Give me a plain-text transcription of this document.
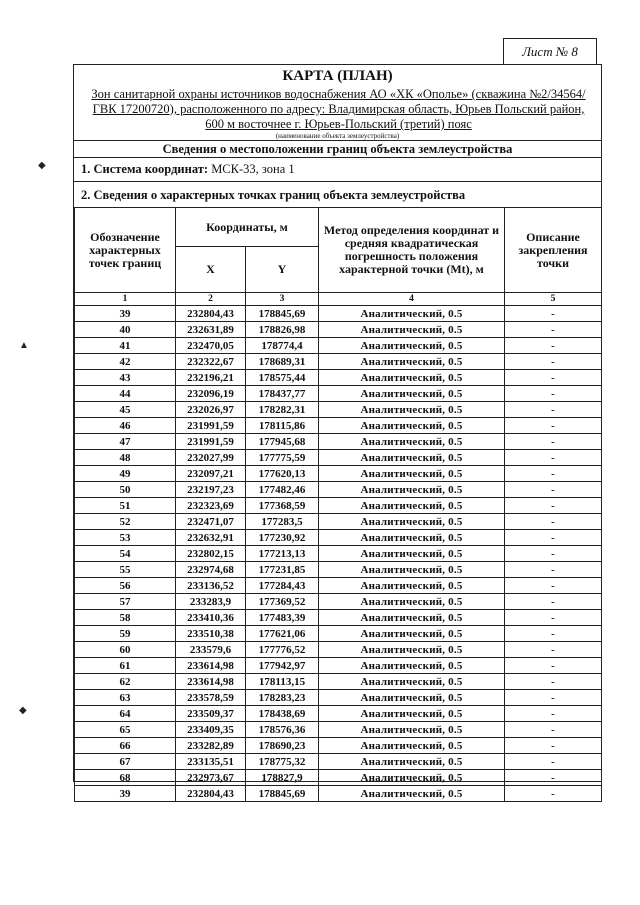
Лист № 8
КАРТА (ПЛАН)
Зон санитарной охраны источников водоснабжения АО «ХК «Ополье» (скважина №2/34564/ГВК 17200720), расположенного по адресу: Владимирская область, Юрьев Польский район, 600 м восточнее г. Юрьев-Польский (третий) пояс
(наименование объекта землеустройства)
Сведения о местоположении границ объекта землеустройства
1. Система координат: МСК-33, зона 1
2. Сведения о характерных точках границ объекта землеустройства
Обозначение характерных точек границ	Координаты, м		Метод определения координат и средняя квадратическая погрешность положения характерной точки (Mt), м	Описание закрепления точки
	X	Y		
1	2	3	4	5
39	232804,43	178845,69	Аналитический, 0.5	-
40	232631,89	178826,98	Аналитический, 0.5	-
41	232470,05	178774,4	Аналитический, 0.5	-
42	232322,67	178689,31	Аналитический, 0.5	-
43	232196,21	178575,44	Аналитический, 0.5	-
44	232096,19	178437,77	Аналитический, 0.5	-
45	232026,97	178282,31	Аналитический, 0.5	-
46	231991,59	178115,86	Аналитический, 0.5	-
47	231991,59	177945,68	Аналитический, 0.5	-
48	232027,99	177775,59	Аналитический, 0.5	-
49	232097,21	177620,13	Аналитический, 0.5	-
50	232197,23	177482,46	Аналитический, 0.5	-
51	232323,69	177368,59	Аналитический, 0.5	-
52	232471,07	177283,5	Аналитический, 0.5	-
53	232632,91	177230,92	Аналитический, 0.5	-
54	232802,15	177213,13	Аналитический, 0.5	-
55	232974,68	177231,85	Аналитический, 0.5	-
56	233136,52	177284,43	Аналитический, 0.5	-
57	233283,9	177369,52	Аналитический, 0.5	-
58	233410,36	177483,39	Аналитический, 0.5	-
59	233510,38	177621,06	Аналитический, 0.5	-
60	233579,6	177776,52	Аналитический, 0.5	-
61	233614,98	177942,97	Аналитический, 0.5	-
62	233614,98	178113,15	Аналитический, 0.5	-
63	233578,59	178283,23	Аналитический, 0.5	-
64	233509,37	178438,69	Аналитический, 0.5	-
65	233409,35	178576,36	Аналитический, 0.5	-
66	233282,89	178690,23	Аналитический, 0.5	-
67	233135,51	178775,32	Аналитический, 0.5	-
68	232973,67	178827,9	Аналитический, 0.5	-
39	232804,43	178845,69	Аналитический, 0.5	-
◆
▲
◆
